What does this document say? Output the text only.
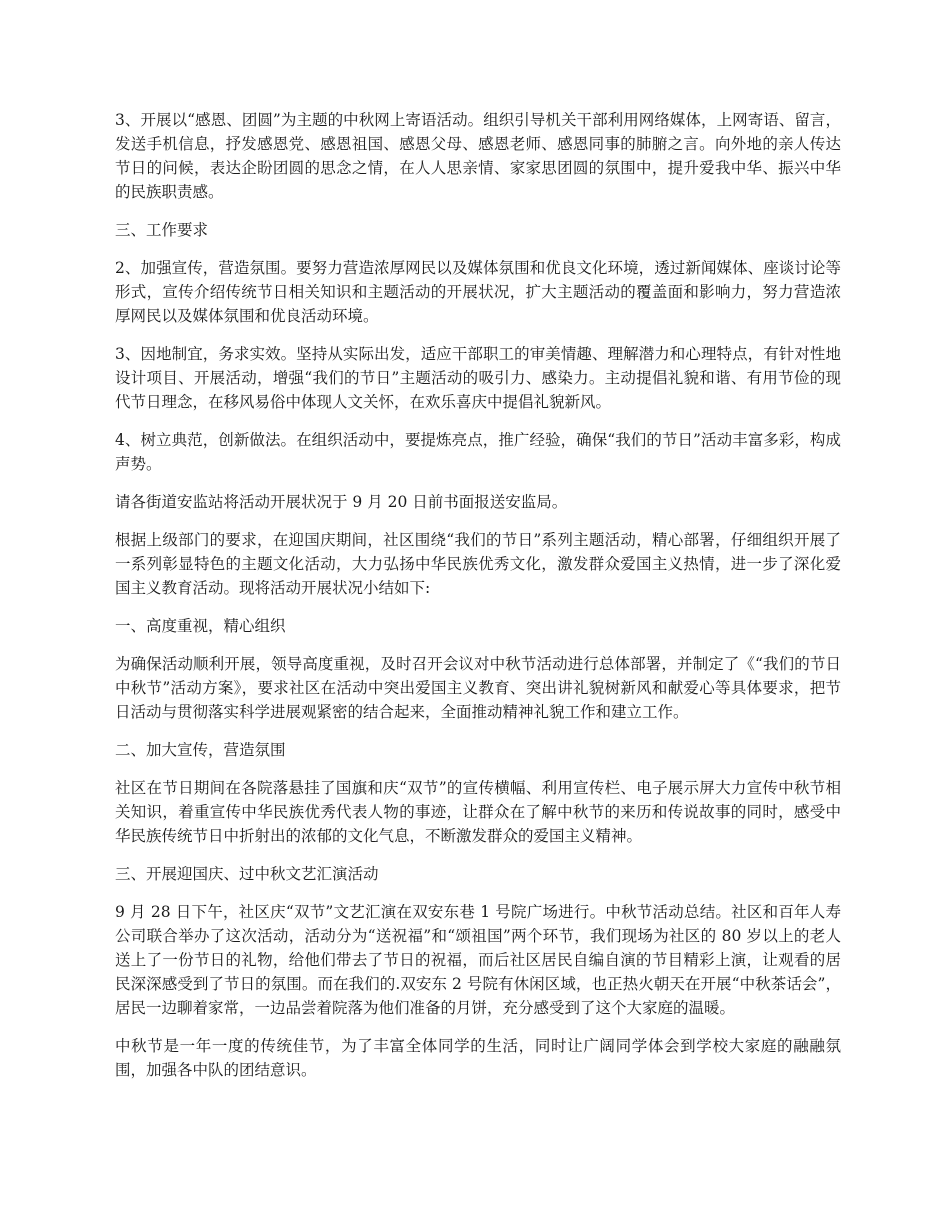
3、开展以“感恩、团圆”为主题的中秋网上寄语活动。组织引导机关干部利用网络媒体，上网寄语、留言，发送手机信息，抒发感恩党、感恩祖国、感恩父母、感恩老师、感恩同事的肺腑之言。向外地的亲人传达节日的问候，表达企盼团圆的思念之情，在人人思亲情、家家思团圆的氛围中，提升爱我中华、振兴中华的民族职责感。

三、工作要求

2、加强宣传，营造氛围。要努力营造浓厚网民以及媒体氛围和优良文化环境，透过新闻媒体、座谈讨论等形式，宣传介绍传统节日相关知识和主题活动的开展状况，扩大主题活动的覆盖面和影响力，努力营造浓厚网民以及媒体氛围和优良活动环境。

3、因地制宜，务求实效。坚持从实际出发，适应干部职工的审美情趣、理解潜力和心理特点，有针对性地设计项目、开展活动，增强“我们的节日”主题活动的吸引力、感染力。主动提倡礼貌和谐、有用节俭的现代节日理念，在移风易俗中体现人文关怀，在欢乐喜庆中提倡礼貌新风。

4、树立典范，创新做法。在组织活动中，要提炼亮点，推广经验，确保“我们的节日”活动丰富多彩，构成声势。

请各街道安监站将活动开展状况于 9 月 20 日前书面报送安监局。

根据上级部门的要求，在迎国庆期间，社区围绕“我们的节日”系列主题活动，精心部署，仔细组织开展了一系列彰显特色的主题文化活动，大力弘扬中华民族优秀文化，激发群众爱国主义热情，进一步了深化爱国主义教育活动。现将活动开展状况小结如下:

一、高度重视，精心组织

为确保活动顺利开展，领导高度重视，及时召开会议对中秋节活动进行总体部署，并制定了《“我们的节日中秋节”活动方案》，要求社区在活动中突出爱国主义教育、突出讲礼貌树新风和献爱心等具体要求，把节日活动与贯彻落实科学进展观紧密的结合起来，全面推动精神礼貌工作和建立工作。

二、加大宣传，营造氛围

社区在节日期间在各院落悬挂了国旗和庆“双节”的宣传横幅、利用宣传栏、电子展示屏大力宣传中秋节相关知识，着重宣传中华民族优秀代表人物的事迹，让群众在了解中秋节的来历和传说故事的同时，感受中华民族传统节日中折射出的浓郁的文化气息，不断激发群众的爱国主义精神。

三、开展迎国庆、过中秋文艺汇演活动

9 月 28 日下午，社区庆“双节”文艺汇演在双安东巷 1 号院广场进行。中秋节活动总结。社区和百年人寿公司联合举办了这次活动，活动分为“送祝福”和“颂祖国”两个环节，我们现场为社区的 80 岁以上的老人送上了一份节日的礼物，给他们带去了节日的祝福，而后社区居民自编自演的节目精彩上演，让观看的居民深深感受到了节日的氛围。而在我们的.双安东 2 号院有休闲区域，也正热火朝天在开展“中秋茶话会”，居民一边聊着家常，一边品尝着院落为他们准备的月饼，充分感受到了这个大家庭的温暖。

中秋节是一年一度的传统佳节，为了丰富全体同学的生活，同时让广阔同学体会到学校大家庭的融融氛围，加强各中队的团结意识。
